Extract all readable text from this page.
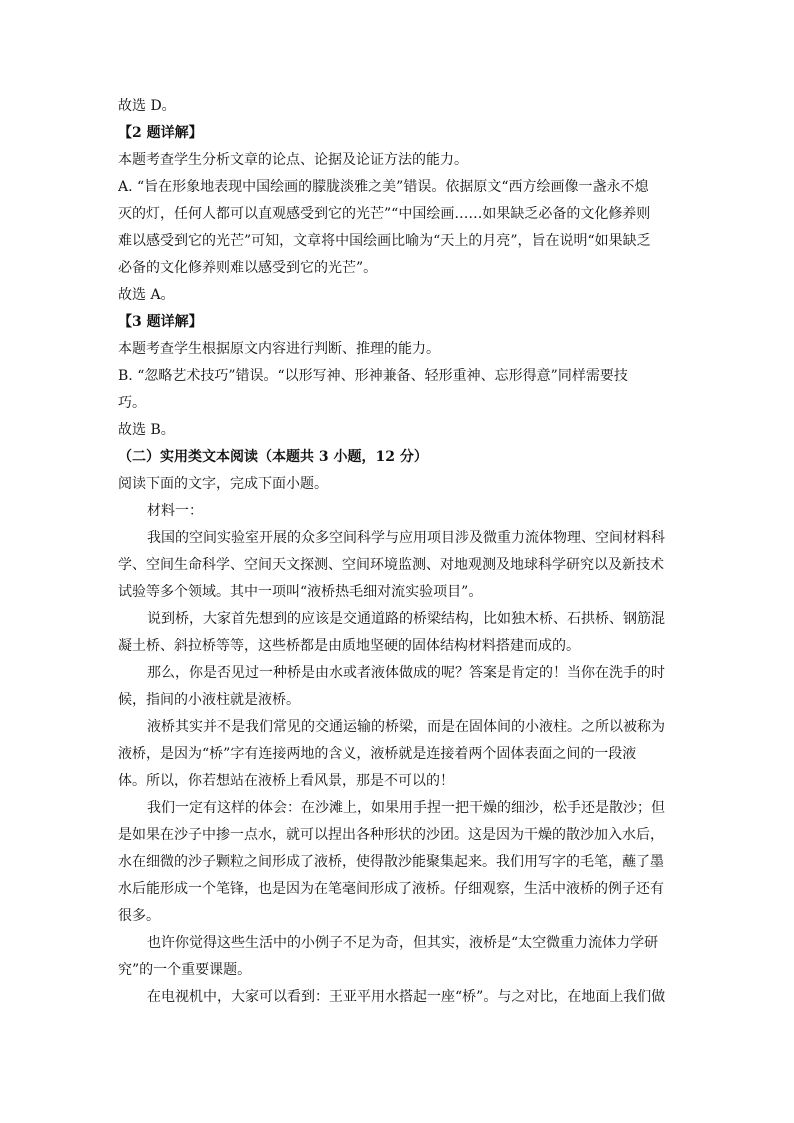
故选 D。
【2 题详解】
本题考查学生分析文章的论点、论据及论证方法的能力。
A. “旨在形象地表现中国绘画的朦胧淡雅之美”错误。依据原文“西方绘画像一盏永不熄
灭的灯，任何人都可以直观感受到它的光芒”“中国绘画……如果缺乏必备的文化修养则
难以感受到它的光芒”可知，文章将中国绘画比喻为“天上的月亮”，旨在说明“如果缺乏
必备的文化修养则难以感受到它的光芒”。
故选 A。
【3 题详解】
本题考查学生根据原文内容进行判断、推理的能力。
B. “忽略艺术技巧”错误。“以形写神、形神兼备、轻形重神、忘形得意”同样需要技
巧。
故选 B。
（二）实用类文本阅读（本题共 3 小题，12 分）
阅读下面的文字，完成下面小题。
材料一：
我国的空间实验室开展的众多空间科学与应用项目涉及微重力流体物理、空间材料科
学、空间生命科学、空间天文探测、空间环境监测、对地观测及地球科学研究以及新技术
试验等多个领域。其中一项叫“液桥热毛细对流实验项目”。
说到桥，大家首先想到的应该是交通道路的桥梁结构，比如独木桥、石拱桥、钢筋混
凝土桥、斜拉桥等等，这些桥都是由质地坚硬的固体结构材料搭建而成的。
那么，你是否见过一种桥是由水或者液体做成的呢？答案是肯定的！当你在洗手的时
候，指间的小液柱就是液桥。
液桥其实并不是我们常见的交通运输的桥梁，而是在固体间的小液柱。之所以被称为
液桥，是因为“桥”字有连接两地的含义，液桥就是连接着两个固体表面之间的一段液
体。所以，你若想站在液桥上看风景，那是不可以的！
我们一定有这样的体会：在沙滩上，如果用手捏一把干燥的细沙，松手还是散沙；但
是如果在沙子中掺一点水，就可以捏出各种形状的沙团。这是因为干燥的散沙加入水后，
水在细微的沙子颗粒之间形成了液桥，使得散沙能聚集起来。我们用写字的毛笔，蘸了墨
水后能形成一个笔锋，也是因为在笔毫间形成了液桥。仔细观察，生活中液桥的例子还有
很多。
也许你觉得这些生活中的小例子不足为奇，但其实，液桥是“太空微重力流体力学研
究”的一个重要课题。
在电视机中，大家可以看到：王亚平用水搭起一座“桥”。与之对比，在地面上我们做
